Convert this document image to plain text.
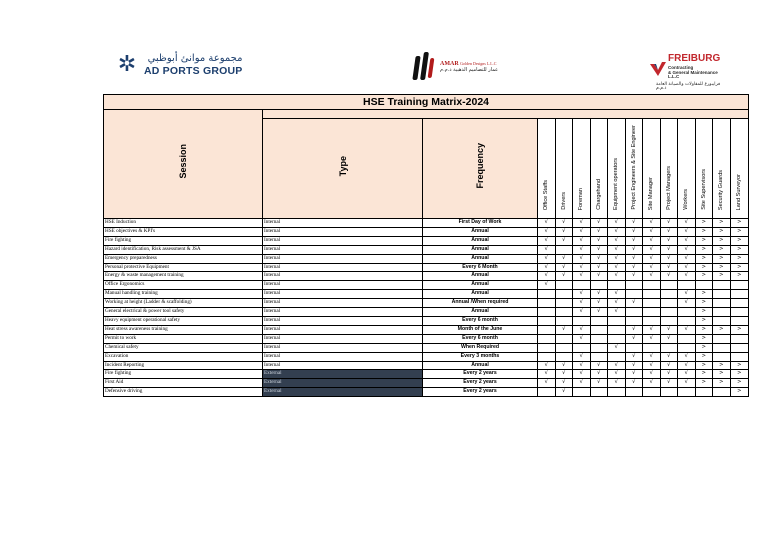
✲	مجموعة موانئ أبوظبي
AD PORTS GROUP
AMAR Golden Designs L.L.C
عمار للتصاميم الذهبية ذ.م.م
FREIBURG
Contracting
& General Maintenance L.L.C
فرايبورغ للمقاولات والصيانة العامة ذ.م.م
HSE Training Matrix-2024														
Session														
	Type	Frequency	Office Staffs	Drivers	Foreman	Chargehand	Equipment operators	Project Engineers & Site Engineer	Site Manager	Project Managers	Workers	Site Supervisors	Security Guards	Land Surveyor
HSE Induction	Internal	First Day of Work	√	√	√	√	√	√	√	√	√	>	>	>
HSE objectives & KPI's	Internal	Annual	√	√	√	√	√	√	√	√	√	>	>	>
Fire fighting	Internal	Annual	√	√	√	√	√	√	√	√	√	>	>	>
Hazard identification, Risk assessment & JSA	Internal	Annual	√		√	√	√	√	√	√	√	>	>	>
Emergency preparedness	Internal	Annual	√	√	√	√	√	√	√	√	√	>	>	>
Personal protective Equipment	Internal	Every 6 Month	√	√	√	√	√	√	√	√	√	>	>	>
Energy & waste management training	Internal	Annual	√	√	√	√	√	√	√	√	√	>	>	>
Office Ergonomics	Internal	Annual	√											
Manual handling training	Internal	Annual			√	√	√				√	>		
Working at height (Ladder & scaffolding)	Internal	Annual /When required			√	√	√	√			√	>		
General electrical & power tool safety	Internal	Annual			√	√	√					>		
Heavy equipment operational safety	Internal	Every 6 month										>		
Heat stress awareness training	Internal	Month of the June		√	√			√	√	√	√	>	>	>
Permit to work	Internal	Every 6 month			√			√	√	√		>		
Chemical safety	Internal	When Required					√					>		
Excavation	Internal	Every 3 months			√			√	√	√	√	>		
Incident Reporting	Internal	Annual	√	√	√	√	√	√	√	√	√	>	>	>
Fire fighting	External	Every 2 years	√	√	√	√	√	√	√	√	√	>	>	>
First Aid	External	Every 2 years	√	√	√	√	√	√	√	√	√	>	>	>
Defensive driving	External	Every 2 years		√										>
